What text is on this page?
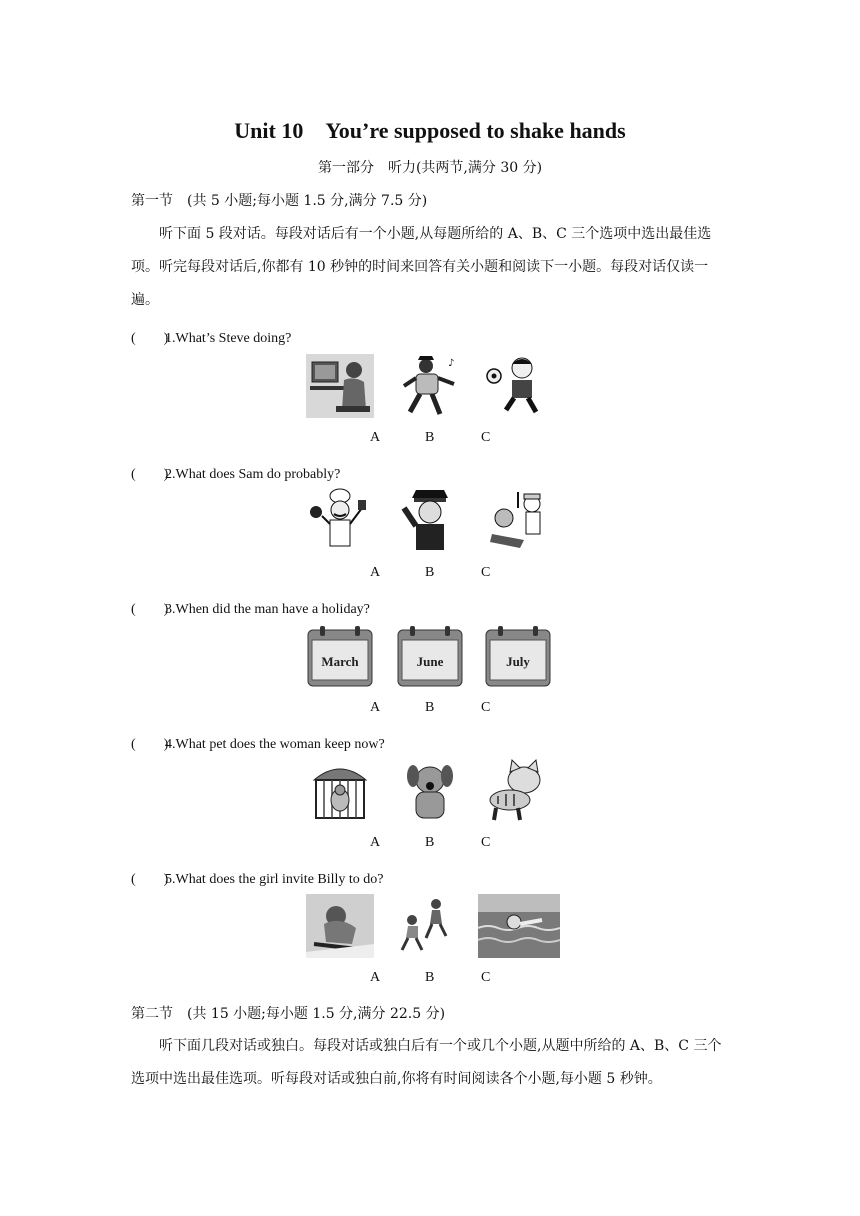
Unit 10　You’re supposed to shake hands
第一部分　听力(共两节,满分 30 分)
第一节　(共 5 小题;每小题 1.5 分,满分 7.5 分)
听下面 5 段对话。每段对话后有一个小题,从每题所给的 A、B、C 三个选项中选出最佳选项。听完每段对话后,你都有 10 秒钟的时间来回答有关小题和阅读下一小题。每段对话仅读一遍。
(　　)1.What’s Steve doing?
♪
A	B	C
(　　)2.What does Sam do probably?
A	B	C
(　　)3.When did the man have a holiday?
March	June	July
A	B	C
(　　)4.What pet does the woman keep now?
A	B	C
(　　)5.What does the girl invite Billy to do?
A	B	C
第二节　(共 15 小题;每小题 1.5 分,满分 22.5 分)
听下面几段对话或独白。每段对话或独白后有一个或几个小题,从题中所给的 A、B、C 三个选项中选出最佳选项。听每段对话或独白前,你将有时间阅读各个小题,每小题 5 秒钟。
